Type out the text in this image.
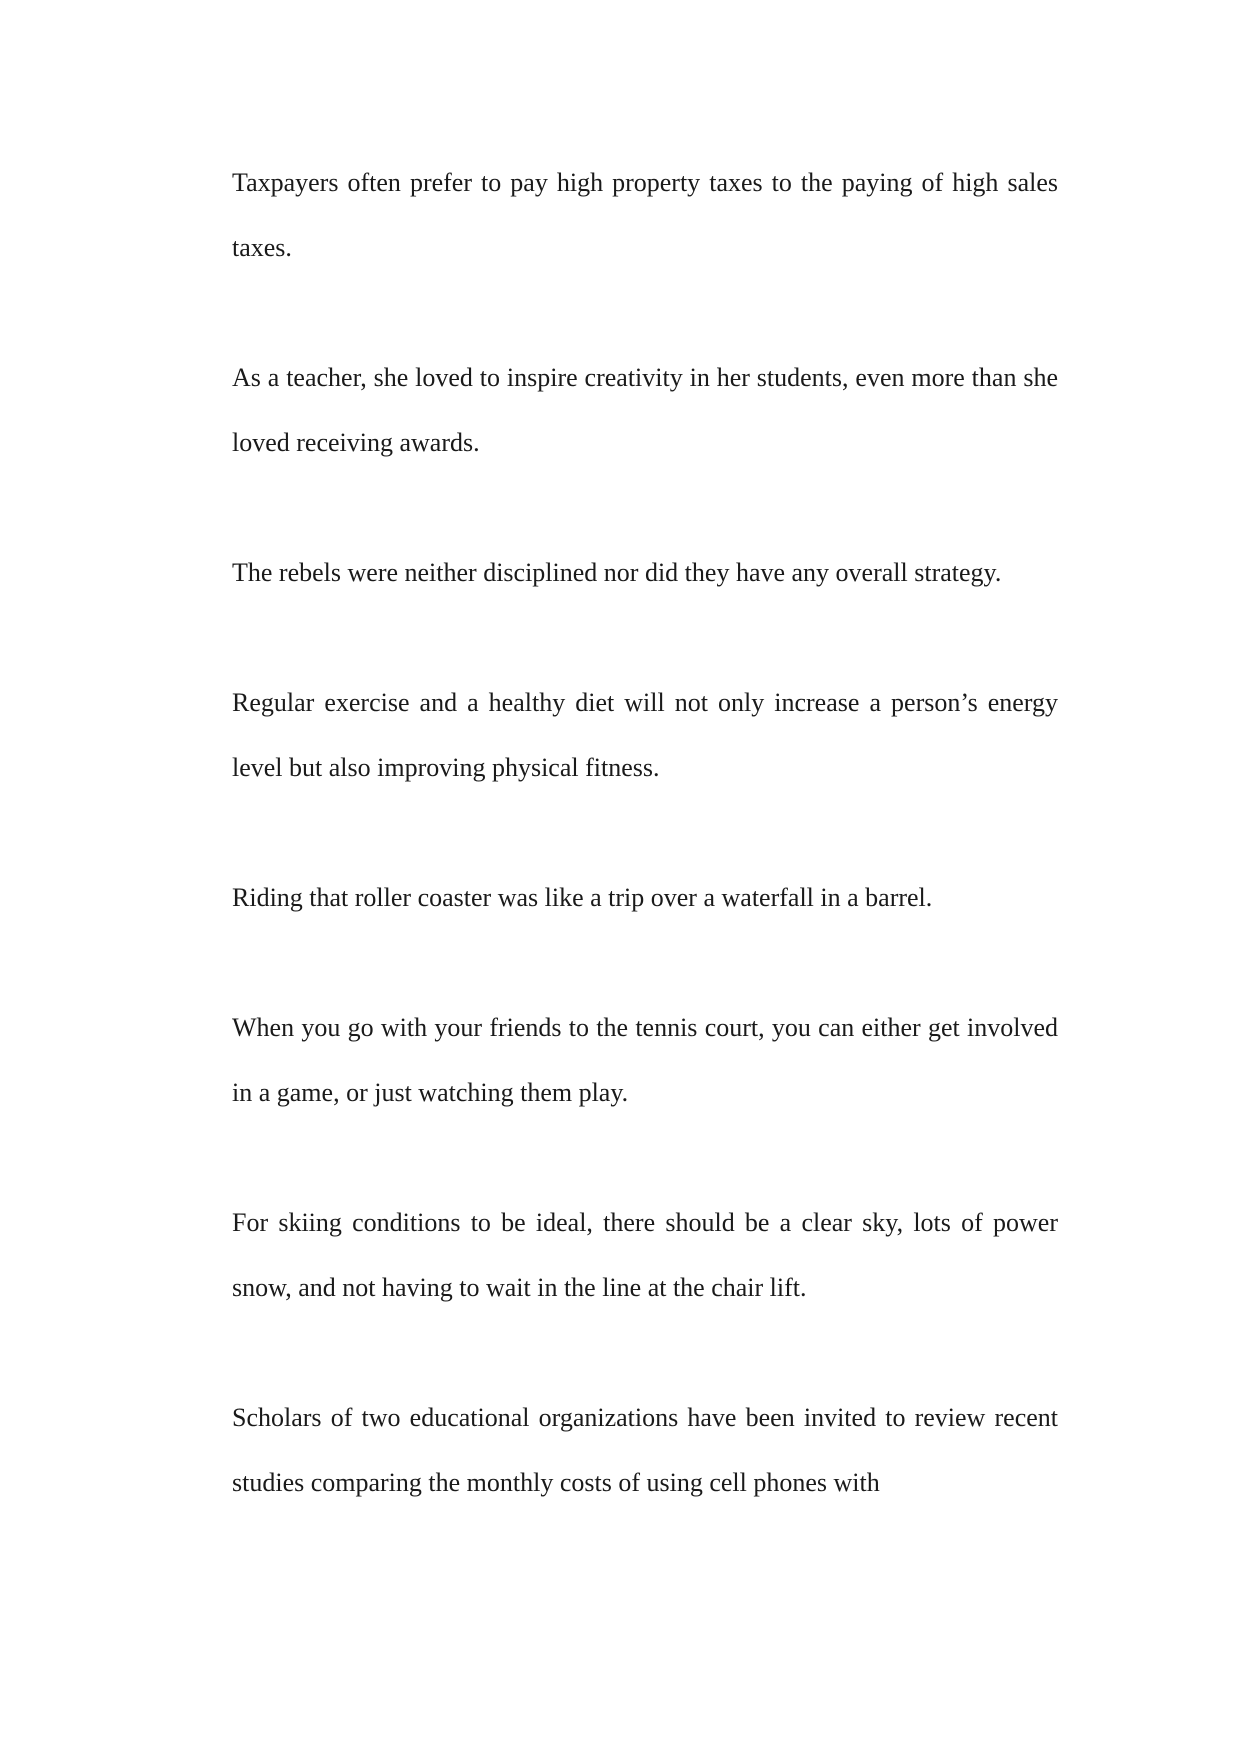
Taxpayers often prefer to pay high property taxes to the paying of high sales taxes.

As a teacher, she loved to inspire creativity in her students, even more than she loved receiving awards.

The rebels were neither disciplined nor did they have any overall strategy.

Regular exercise and a healthy diet will not only increase a person’s energy level but also improving physical fitness.

Riding that roller coaster was like a trip over a waterfall in a barrel.

When you go with your friends to the tennis court, you can either get involved in a game, or just watching them play.

For skiing conditions to be ideal, there should be a clear sky, lots of power snow, and not having to wait in the line at the chair lift.

Scholars of two educational organizations have been invited to review recent studies comparing the monthly costs of using cell phones with
